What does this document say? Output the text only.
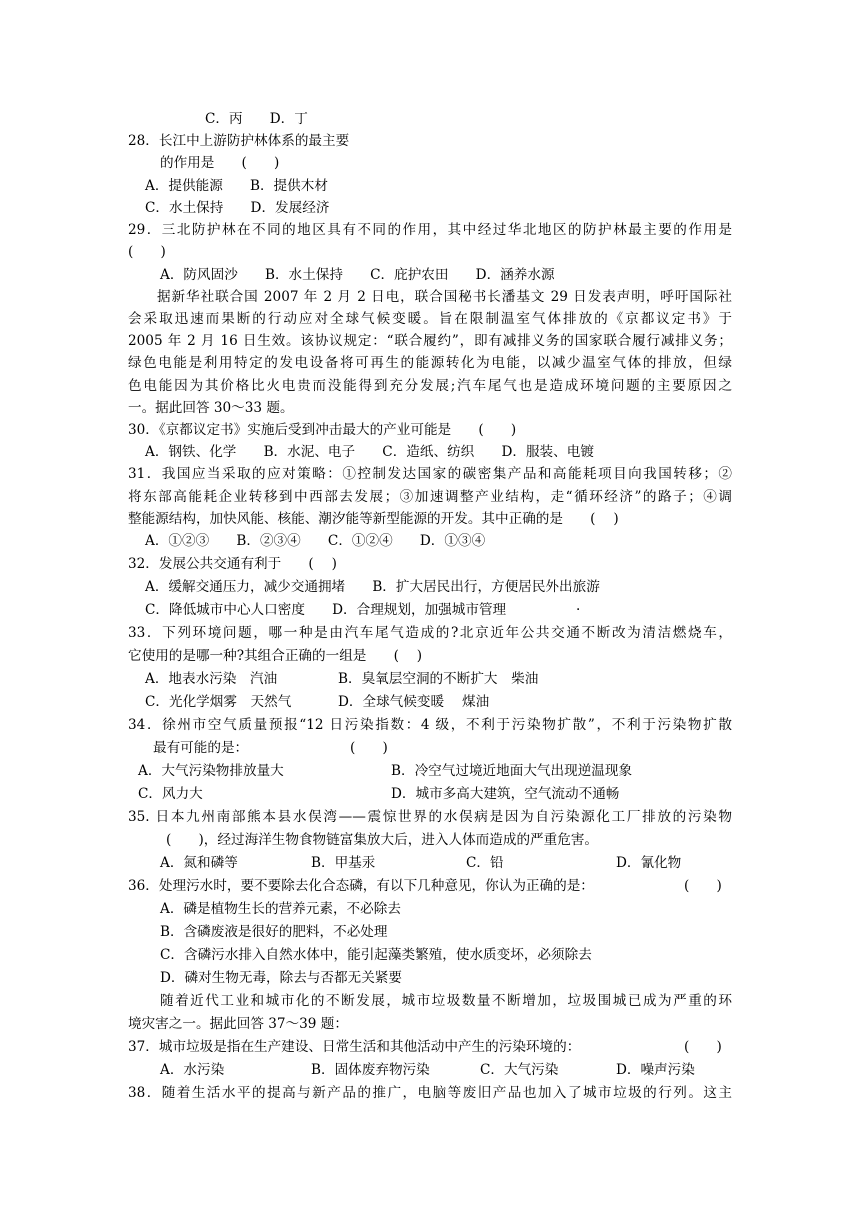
C．丙　　D．丁
28．长江中上游防护林体系的最主要
的作用是　　(　　)
A．提供能源　　B．提供木材
C．水土保持　　D．发展经济
29．三北防护林在不同的地区具有不同的作用，其中经过华北地区的防护林最主要的作用是
(　　)
A．防风固沙　　B．水土保持　　C．庇护农田　　D．涵养水源
据新华社联合国 2007 年 2 月 2 日电，联合国秘书长潘基文 29 日发表声明，呼吁国际社
会采取迅速而果断的行动应对全球气候变暖。旨在限制温室气体排放的《京都议定书》于
2005 年 2 月 16 日生效。该协议规定：“联合履约”，即有减排义务的国家联合履行减排义务；
绿色电能是利用特定的发电设备将可再生的能源转化为电能，以减少温室气体的排放，但绿
色电能因为其价格比火电贵而没能得到充分发展;汽车尾气也是造成环境问题的主要原因之
一。据此回答 30～33 题。
30．《京都议定书》实施后受到冲击最大的产业可能是　　(　　)
A．钢铁、化学　　B．水泥、电子　　C．造纸、纺织　　D．服装、电镀
31．我国应当采取的应对策略：①控制发达国家的碳密集产品和高能耗项目向我国转移；②
将东部高能耗企业转移到中西部去发展；③加速调整产业结构，走“循环经济”的路子；④调
整能源结构，加快风能、核能、潮汐能等新型能源的开发。其中正确的是　　(　 )
A．①②③　　B．②③④　　C．①②④　　D．①③④
32．发展公共交通有利于　　(　 )
A．缓解交通压力，减少交通拥堵　　B．扩大居民出行，方便居民外出旅游
C．降低城市中心人口密度　　D．合理规划，加强城市管理	·
33．下列环境问题，哪一种是由汽车尾气造成的?北京近年公共交通不断改为清洁燃烧车，
它使用的是哪一种?其组合正确的一组是　　(　 )
A．地表水污染　汽油	B．臭氧层空洞的不断扩大　柴油
C．光化学烟雾　天然气	D．全球气候变暖　 煤油
34．徐州市空气质量预报“12 日污染指数：4 级，不利于污染物扩散”，不利于污染物扩散
最有可能的是：	(　　)
A．大气污染物排放量大	B．冷空气过境近地面大气出现逆温现象
C．风力大	D．城市多高大建筑，空气流动不通畅
35. 日本九州南部熊本县水俣湾——震惊世界的水俣病是因为自污染源化工厂排放的污染物
(　　)，经过海洋生物食物链富集放大后，进入人体而造成的严重危害。
A．氮和磷等	B．甲基汞	C．铅	D．氰化物
36．处理污水时，要不要除去化合态磷，有以下几种意见，你认为正确的是：	(　　)
A．磷是植物生长的营养元素，不必除去
B．含磷废液是很好的肥料，不必处理
C．含磷污水排入自然水体中，能引起藻类繁殖，使水质变坏，必须除去
D．磷对生物无毒，除去与否都无关紧要
随着近代工业和城市化的不断发展，城市垃圾数量不断增加，垃圾围城已成为严重的环
境灾害之一。据此回答 37～39 题：
37．城市垃圾是指在生产建设、日常生活和其他活动中产生的污染环境的：	(　　)
A．水污染	B．固体废弃物污染	C．大气污染	D．噪声污染
38．随着生活水平的提高与新产品的推广，电脑等废旧产品也加入了城市垃圾的行列。这主
